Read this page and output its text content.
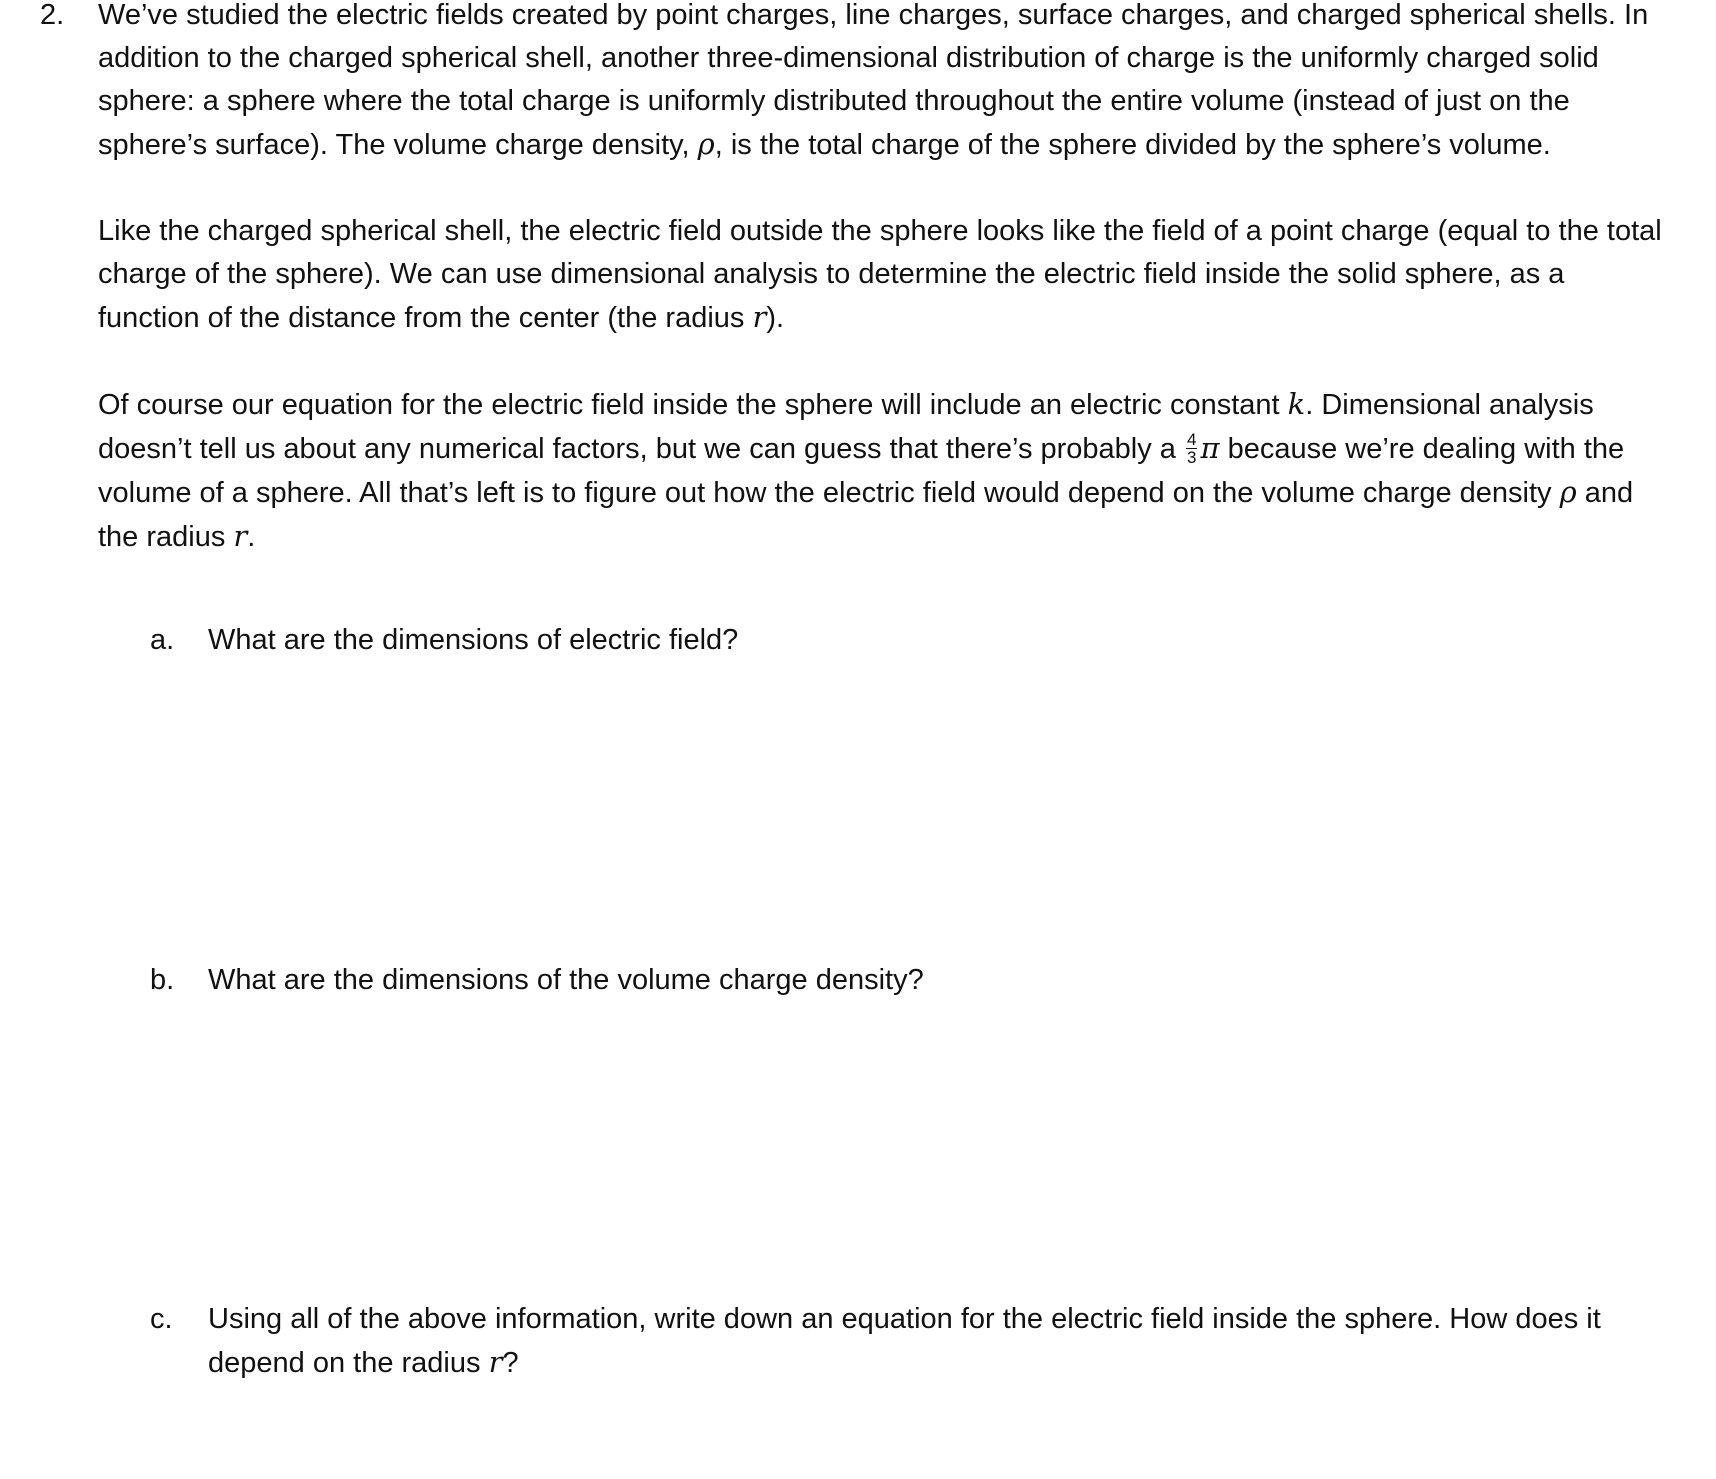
2. We’ve studied the electric fields created by point charges, line charges, surface charges, and charged spherical shells. In addition to the charged spherical shell, another three-dimensional distribution of charge is the uniformly charged solid sphere: a sphere where the total charge is uniformly distributed throughout the entire volume (instead of just on the sphere’s surface). The volume charge density, ρ, is the total charge of the sphere divided by the sphere’s volume.

Like the charged spherical shell, the electric field outside the sphere looks like the field of a point charge (equal to the total charge of the sphere). We can use dimensional analysis to determine the electric field inside the solid sphere, as a function of the distance from the center (the radius r).

Of course our equation for the electric field inside the sphere will include an electric constant k. Dimensional analysis doesn’t tell us about any numerical factors, but we can guess that there’s probably a $\frac{4}{3}$ π because we’re dealing with the volume of a sphere. All that’s left is to figure out how the electric field would depend on the volume charge density ρ and the radius r.

a. What are the dimensions of electric field?
b. What are the dimensions of the volume charge density?
c. Using all of the above information, write down an equation for the electric field inside the sphere. How does it depend on the radius r?
